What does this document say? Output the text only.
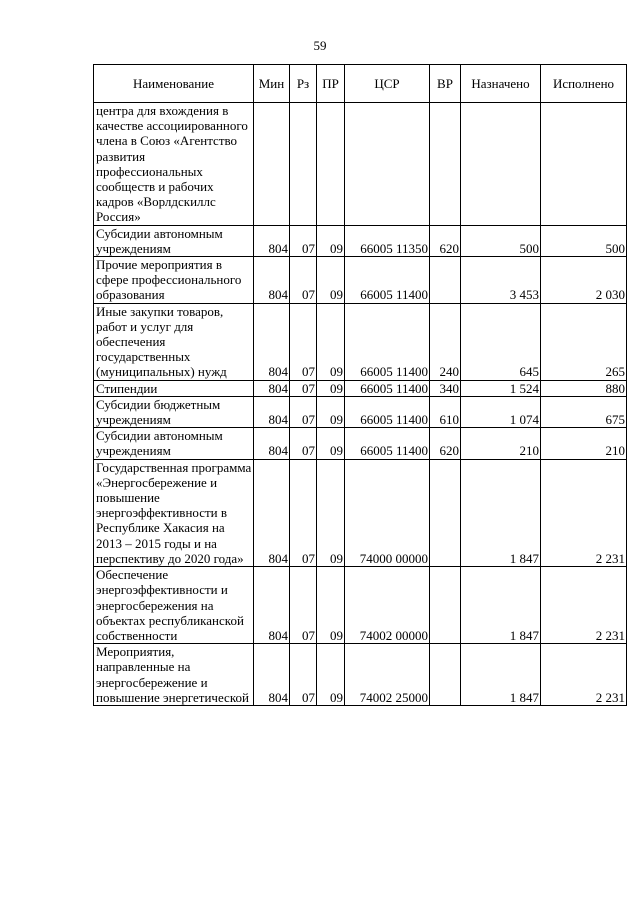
59
Наименование	Мин	Рз	ПР	ЦСР	ВР	Назначено	Исполнено
центра для вхождения в качестве ассоциированного члена в Союз «Агентство развития профессиональных сообществ и рабочих кадров «Ворлдскиллс Россия»							
Субсидии автономным учреждениям	804	07	09	66005 11350	620	500	500
Прочие мероприятия в сфере профессионального образования	804	07	09	66005 11400		3 453	2 030
Иные закупки товаров, работ и услуг для обеспечения государственных (муниципальных) нужд	804	07	09	66005 11400	240	645	265
Стипендии	804	07	09	66005 11400	340	1 524	880
Субсидии бюджетным учреждениям	804	07	09	66005 11400	610	1 074	675
Субсидии автономным учреждениям	804	07	09	66005 11400	620	210	210
Государственная программа «Энергосбережение и повышение энергоэффективности в Республике Хакасия на 2013 – 2015 годы и на перспективу до 2020 года»	804	07	09	74000 00000		1 847	2 231
Обеспечение энергоэффективности и энергосбережения на объектах республиканской собственности	804	07	09	74002 00000		1 847	2 231
Мероприятия, направленные на энергосбережение и повышение энергетической	804	07	09	74002 25000		1 847	2 231
